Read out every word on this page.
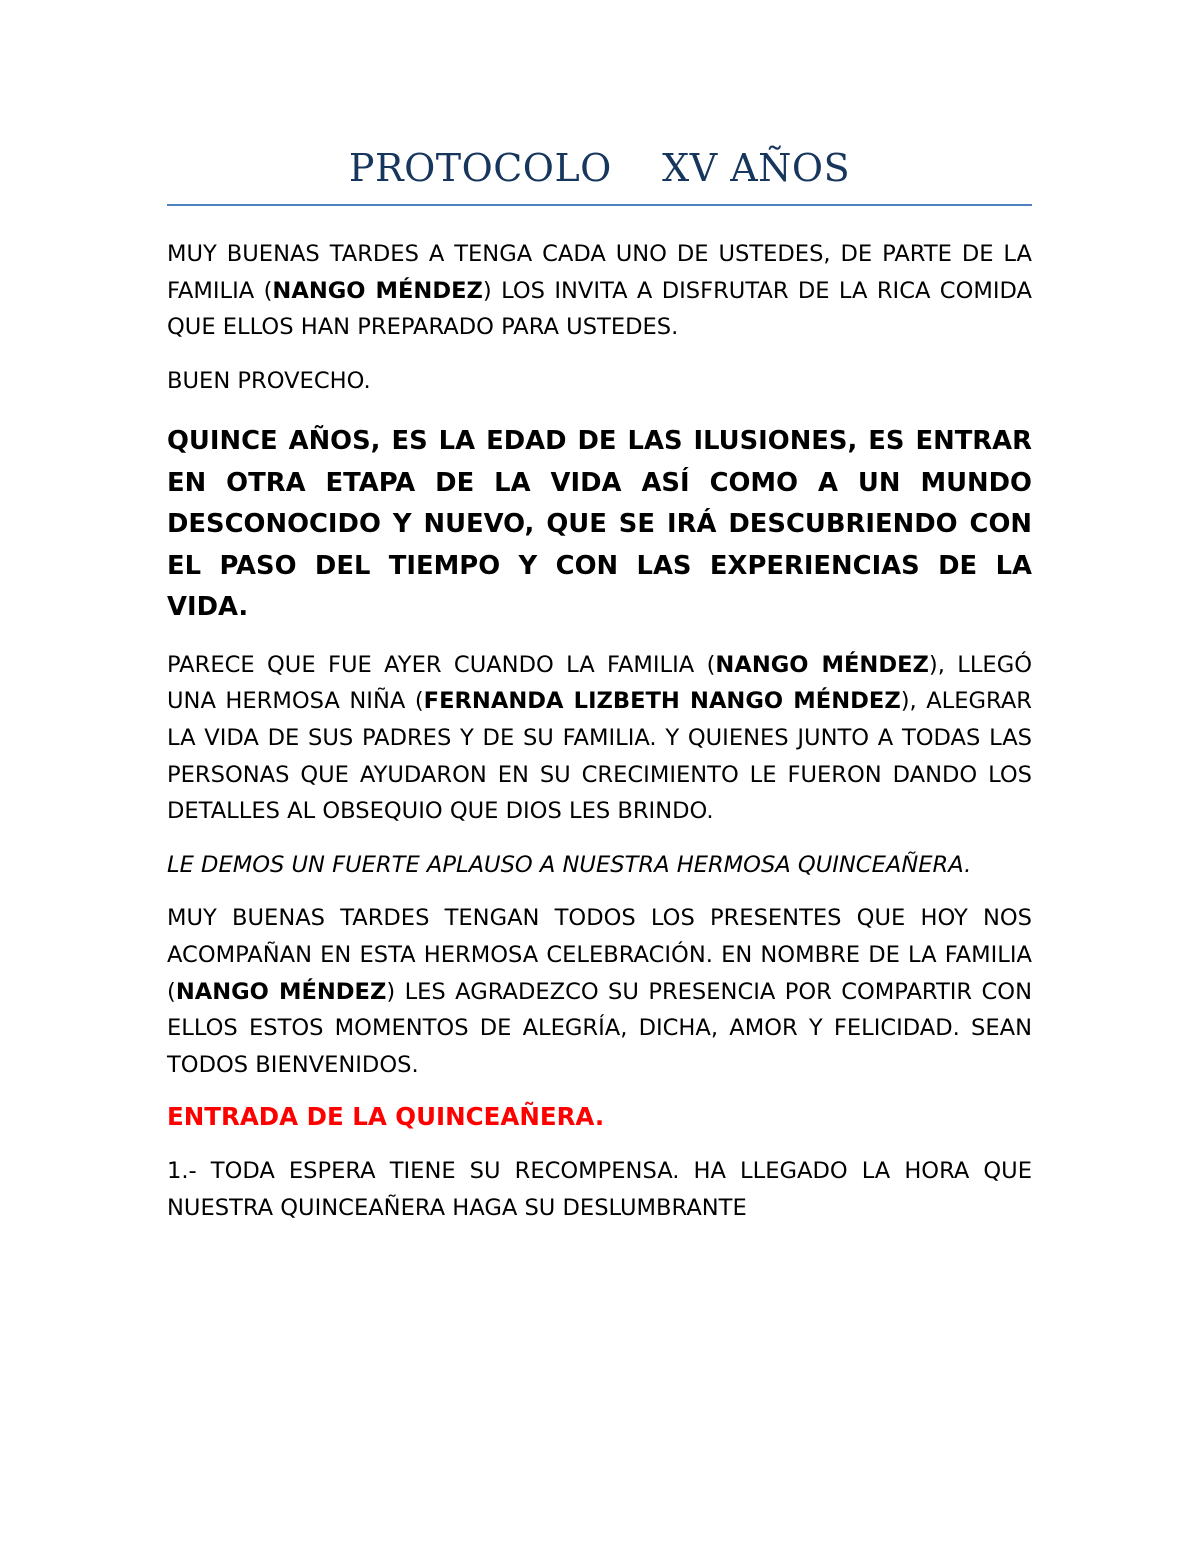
PROTOCOLO    XV AÑOS

MUY BUENAS TARDES A TENGA CADA UNO DE USTEDES, DE PARTE DE LA FAMILIA (NANGO MÉNDEZ) LOS INVITA A DISFRUTAR DE LA RICA COMIDA QUE ELLOS HAN PREPARADO PARA USTEDES.

BUEN PROVECHO.

QUINCE AÑOS, ES LA EDAD DE LAS ILUSIONES, ES ENTRAR EN OTRA ETAPA DE LA VIDA ASÍ COMO A UN MUNDO DESCONOCIDO Y NUEVO, QUE SE IRÁ DESCUBRIENDO CON EL PASO DEL TIEMPO Y CON LAS EXPERIENCIAS DE LA VIDA.

PARECE QUE FUE AYER CUANDO LA FAMILIA (NANGO MÉNDEZ), LLEGÓ UNA HERMOSA NIÑA (FERNANDA LIZBETH NANGO MÉNDEZ), ALEGRAR LA VIDA DE SUS PADRES Y DE SU FAMILIA. Y QUIENES JUNTO A TODAS LAS PERSONAS QUE AYUDARON EN SU CRECIMIENTO LE FUERON DANDO LOS DETALLES AL OBSEQUIO QUE DIOS LES BRINDO.

LE DEMOS UN FUERTE APLAUSO A NUESTRA HERMOSA QUINCEAÑERA.

MUY BUENAS TARDES TENGAN TODOS LOS PRESENTES QUE HOY NOS ACOMPAÑAN EN ESTA HERMOSA CELEBRACIÓN. EN NOMBRE DE LA FAMILIA (NANGO MÉNDEZ) LES AGRADEZCO SU PRESENCIA POR COMPARTIR CON ELLOS ESTOS MOMENTOS DE ALEGRÍA, DICHA, AMOR Y FELICIDAD. SEAN TODOS BIENVENIDOS.

ENTRADA DE LA QUINCEAÑERA.

1.- TODA ESPERA TIENE SU RECOMPENSA. HA LLEGADO LA HORA QUE NUESTRA QUINCEAÑERA HAGA SU DESLUMBRANTE
